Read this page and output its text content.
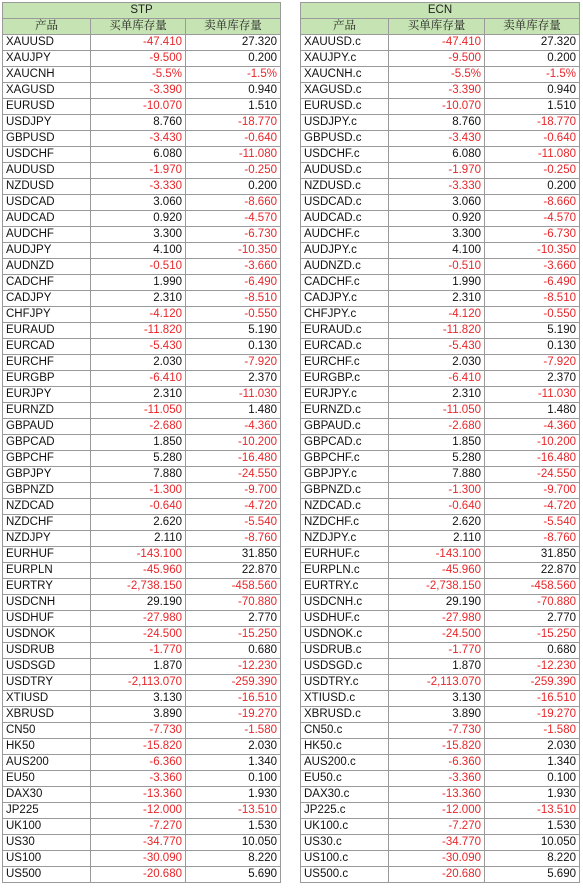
STP		
产品	买单库存量	卖单库存量
XAUUSD	-47.410	27.320
XAUJPY	-9.500	0.200
XAUCNH	-5.5%	-1.5%
XAGUSD	-3.390	0.940
EURUSD	-10.070	1.510
USDJPY	8.760	-18.770
GBPUSD	-3.430	-0.640
USDCHF	6.080	-11.080
AUDUSD	-1.970	-0.250
NZDUSD	-3.330	0.200
USDCAD	3.060	-8.660
AUDCAD	0.920	-4.570
AUDCHF	3.300	-6.730
AUDJPY	4.100	-10.350
AUDNZD	-0.510	-3.660
CADCHF	1.990	-6.490
CADJPY	2.310	-8.510
CHFJPY	-4.120	-0.550
EURAUD	-11.820	5.190
EURCAD	-5.430	0.130
EURCHF	2.030	-7.920
EURGBP	-6.410	2.370
EURJPY	2.310	-11.030
EURNZD	-11.050	1.480
GBPAUD	-2.680	-4.360
GBPCAD	1.850	-10.200
GBPCHF	5.280	-16.480
GBPJPY	7.880	-24.550
GBPNZD	-1.300	-9.700
NZDCAD	-0.640	-4.720
NZDCHF	2.620	-5.540
NZDJPY	2.110	-8.760
EURHUF	-143.100	31.850
EURPLN	-45.960	22.870
EURTRY	-2,738.150	-458.560
USDCNH	29.190	-70.880
USDHUF	-27.980	2.770
USDNOK	-24.500	-15.250
USDRUB	-1.770	0.680
USDSGD	1.870	-12.230
USDTRY	-2,113.070	-259.390
XTIUSD	3.130	-16.510
XBRUSD	3.890	-19.270
CN50	-7.730	-1.580
HK50	-15.820	2.030
AUS200	-6.360	1.340
EU50	-3.360	0.100
DAX30	-13.360	1.930
JP225	-12.000	-13.510
UK100	-7.270	1.530
US30	-34.770	10.050
US100	-30.090	8.220
US500	-20.680	5.690
ECN		
产品	买单库存量	卖单库存量
XAUUSD.c	-47.410	27.320
XAUJPY.c	-9.500	0.200
XAUCNH.c	-5.5%	-1.5%
XAGUSD.c	-3.390	0.940
EURUSD.c	-10.070	1.510
USDJPY.c	8.760	-18.770
GBPUSD.c	-3.430	-0.640
USDCHF.c	6.080	-11.080
AUDUSD.c	-1.970	-0.250
NZDUSD.c	-3.330	0.200
USDCAD.c	3.060	-8.660
AUDCAD.c	0.920	-4.570
AUDCHF.c	3.300	-6.730
AUDJPY.c	4.100	-10.350
AUDNZD.c	-0.510	-3.660
CADCHF.c	1.990	-6.490
CADJPY.c	2.310	-8.510
CHFJPY.c	-4.120	-0.550
EURAUD.c	-11.820	5.190
EURCAD.c	-5.430	0.130
EURCHF.c	2.030	-7.920
EURGBP.c	-6.410	2.370
EURJPY.c	2.310	-11.030
EURNZD.c	-11.050	1.480
GBPAUD.c	-2.680	-4.360
GBPCAD.c	1.850	-10.200
GBPCHF.c	5.280	-16.480
GBPJPY.c	7.880	-24.550
GBPNZD.c	-1.300	-9.700
NZDCAD.c	-0.640	-4.720
NZDCHF.c	2.620	-5.540
NZDJPY.c	2.110	-8.760
EURHUF.c	-143.100	31.850
EURPLN.c	-45.960	22.870
EURTRY.c	-2,738.150	-458.560
USDCNH.c	29.190	-70.880
USDHUF.c	-27.980	2.770
USDNOK.c	-24.500	-15.250
USDRUB.c	-1.770	0.680
USDSGD.c	1.870	-12.230
USDTRY.c	-2,113.070	-259.390
XTIUSD.c	3.130	-16.510
XBRUSD.c	3.890	-19.270
CN50.c	-7.730	-1.580
HK50.c	-15.820	2.030
AUS200.c	-6.360	1.340
EU50.c	-3.360	0.100
DAX30.c	-13.360	1.930
JP225.c	-12.000	-13.510
UK100.c	-7.270	1.530
US30.c	-34.770	10.050
US100.c	-30.090	8.220
US500.c	-20.680	5.690
